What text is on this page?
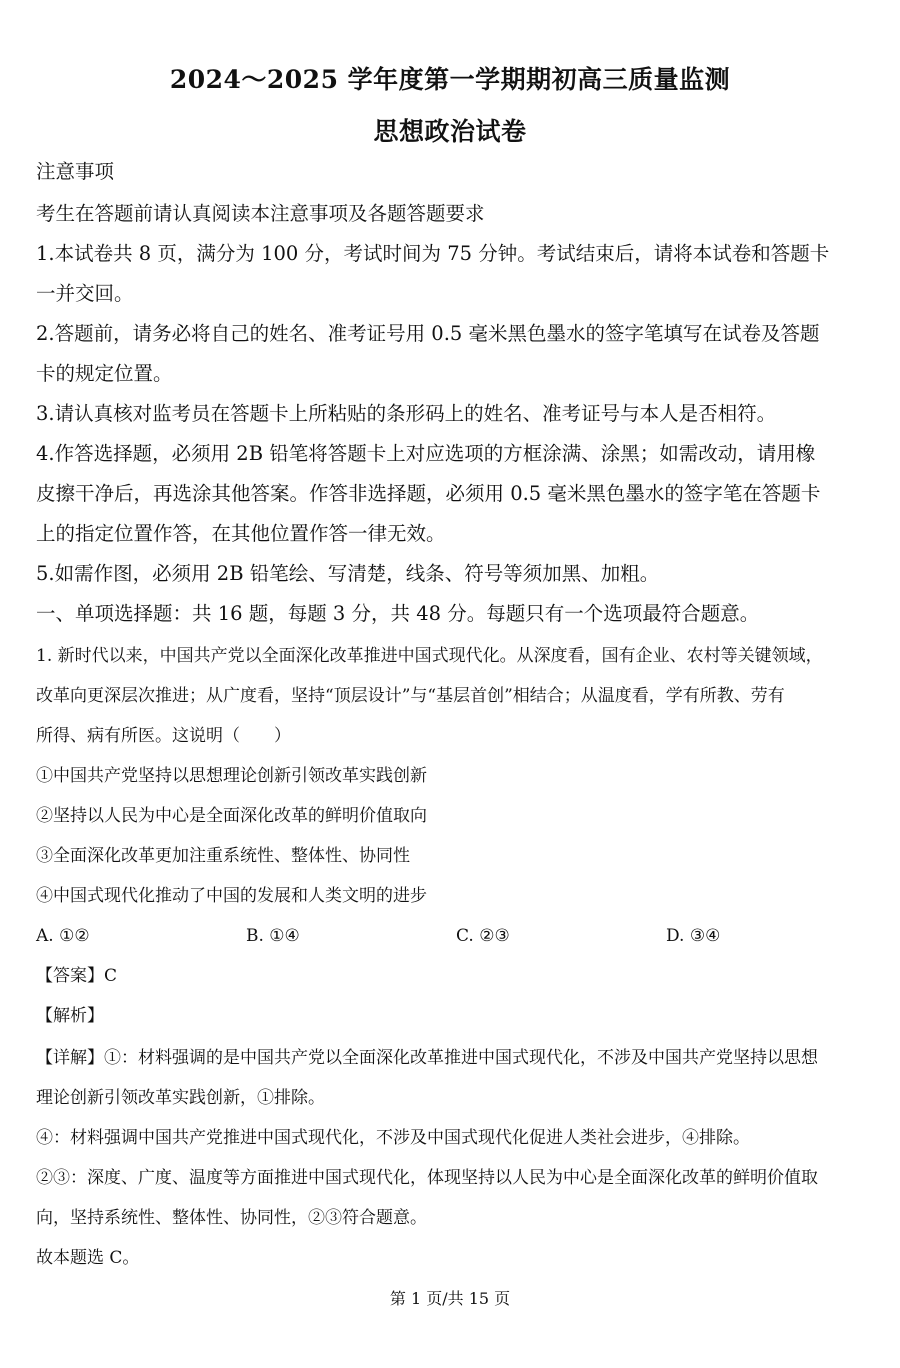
2024～2025 学年度第一学期期初高三质量监测
思想政治试卷
注意事项
考生在答题前请认真阅读本注意事项及各题答题要求
1.本试卷共 8 页，满分为 100 分，考试时间为 75 分钟。考试结束后，请将本试卷和答题卡
一并交回。
2.答题前，请务必将自己的姓名、准考证号用 0.5 毫米黑色墨水的签字笔填写在试卷及答题
卡的规定位置。
3.请认真核对监考员在答题卡上所粘贴的条形码上的姓名、准考证号与本人是否相符。
4.作答选择题，必须用 2B 铅笔将答题卡上对应选项的方框涂满、涂黑；如需改动，请用橡
皮擦干净后，再选涂其他答案。作答非选择题，必须用 0.5 毫米黑色墨水的签字笔在答题卡
上的指定位置作答，在其他位置作答一律无效。
5.如需作图，必须用 2B 铅笔绘、写清楚，线条、符号等须加黑、加粗。
一、单项选择题：共 16 题，每题 3 分，共 48 分。每题只有一个选项最符合题意。
1. 新时代以来，中国共产党以全面深化改革推进中国式现代化。从深度看，国有企业、农村等关键领域，
改革向更深层次推进；从广度看，坚持“顶层设计”与“基层首创”相结合；从温度看，学有所教、劳有
所得、病有所医。这说明（　　）
①中国共产党坚持以思想理论创新引领改革实践创新
②坚持以人民为中心是全面深化改革的鲜明价值取向
③全面深化改革更加注重系统性、整体性、协同性
④中国式现代化推动了中国的发展和人类文明的进步
A. ①②	B. ①④	C. ②③	D. ③④
【答案】C
【解析】
【详解】①：材料强调的是中国共产党以全面深化改革推进中国式现代化，不涉及中国共产党坚持以思想
理论创新引领改革实践创新，①排除。
④：材料强调中国共产党推进中国式现代化，不涉及中国式现代化促进人类社会进步，④排除。
②③：深度、广度、温度等方面推进中国式现代化，体现坚持以人民为中心是全面深化改革的鲜明价值取
向，坚持系统性、整体性、协同性，②③符合题意。
故本题选 C。
第 1 页/共 15 页
